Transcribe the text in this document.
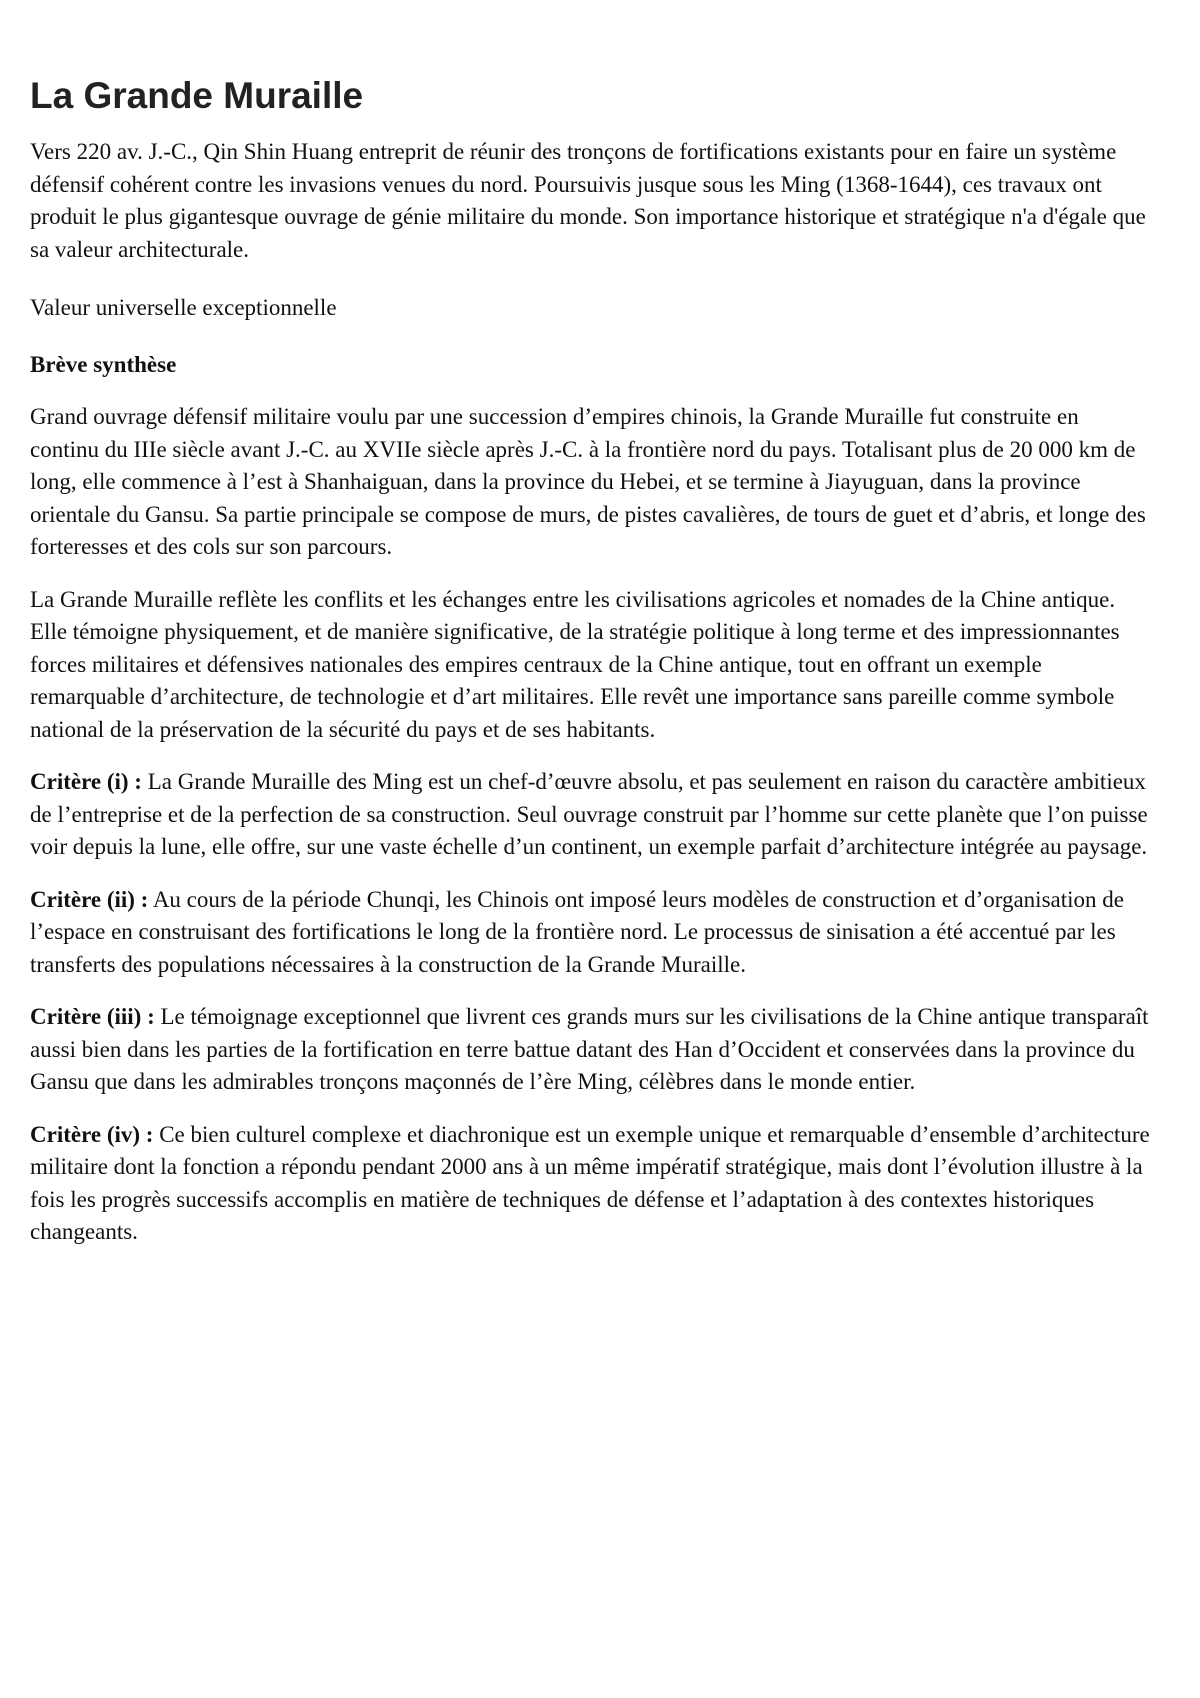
La Grande Muraille

Vers 220 av. J.-C., Qin Shin Huang entreprit de réunir des tronçons de fortifications existants pour en faire un système défensif cohérent contre les invasions venues du nord. Poursuivis jusque sous les Ming (1368-1644), ces travaux ont produit le plus gigantesque ouvrage de génie militaire du monde. Son importance historique et stratégique n'a d'égale que sa valeur architecturale.

Valeur universelle exceptionnelle

Brève synthèse

Grand ouvrage défensif militaire voulu par une succession d’empires chinois, la Grande Muraille fut construite en continu du IIIe siècle avant J.-C. au XVIIe siècle après J.-C. à la frontière nord du pays. Totalisant plus de 20 000 km de long, elle commence à l’est à Shanhaiguan, dans la province du Hebei, et se termine à Jiayuguan, dans la province orientale du Gansu. Sa partie principale se compose de murs, de pistes cavalières, de tours de guet et d’abris, et longe des forteresses et des cols sur son parcours.

La Grande Muraille reflète les conflits et les échanges entre les civilisations agricoles et nomades de la Chine antique. Elle témoigne physiquement, et de manière significative, de la stratégie politique à long terme et des impressionnantes forces militaires et défensives nationales des empires centraux de la Chine antique, tout en offrant un exemple remarquable d’architecture, de technologie et d’art militaires. Elle revêt une importance sans pareille comme symbole national de la préservation de la sécurité du pays et de ses habitants.

Critère (i) : La Grande Muraille des Ming est un chef-d’œuvre absolu, et pas seulement en raison du caractère ambitieux de l’entreprise et de la perfection de sa construction. Seul ouvrage construit par l’homme sur cette planète que l’on puisse voir depuis la lune, elle offre, sur une vaste échelle d’un continent, un exemple parfait d’architecture intégrée au paysage.

Critère (ii) : Au cours de la période Chunqi, les Chinois ont imposé leurs modèles de construction et d’organisation de l’espace en construisant des fortifications le long de la frontière nord. Le processus de sinisation a été accentué par les transferts des populations nécessaires à la construction de la Grande Muraille.

Critère (iii) : Le témoignage exceptionnel que livrent ces grands murs sur les civilisations de la Chine antique transparaît aussi bien dans les parties de la fortification en terre battue datant des Han d’Occident et conservées dans la province du Gansu que dans les admirables tronçons maçonnés de l’ère Ming, célèbres dans le monde entier.

Critère (iv) : Ce bien culturel complexe et diachronique est un exemple unique et remarquable d’ensemble d’architecture militaire dont la fonction a répondu pendant 2000 ans à un même impératif stratégique, mais dont l’évolution illustre à la fois les progrès successifs accomplis en matière de techniques de défense et l’adaptation à des contextes historiques changeants.
